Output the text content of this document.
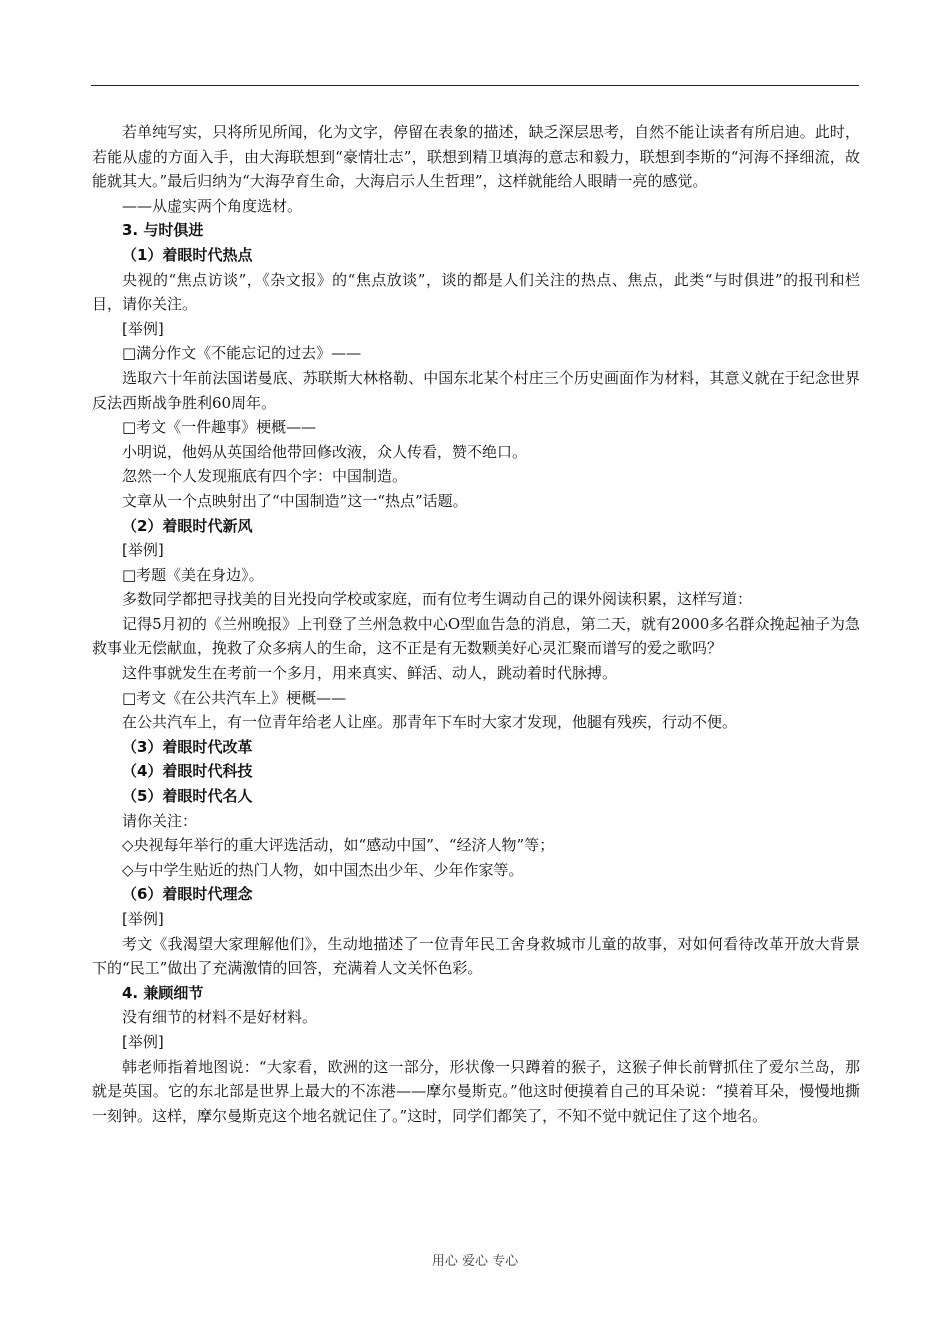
若单纯写实，只将所见所闻，化为文字，停留在表象的描述，缺乏深层思考，自然不能让读者有所启迪。此时，若能从虚的方面入手，由大海联想到“豪情壮志”，联想到精卫填海的意志和毅力，联想到李斯的“河海不择细流，故能就其大。”最后归纳为“大海孕育生命，大海启示人生哲理”，这样就能给人眼睛一亮的感觉。

——从虚实两个角度选材。

3. 与时俱进

（1）着眼时代热点

央视的“焦点访谈”，《杂文报》的“焦点放谈”，谈的都是人们关注的热点、焦点，此类“与时俱进”的报刊和栏目，请你关注。

[举例]

□满分作文《不能忘记的过去》——

选取六十年前法国诺曼底、苏联斯大林格勒、中国东北某个村庄三个历史画面作为材料，其意义就在于纪念世界反法西斯战争胜利60周年。

□考文《一件趣事》梗概——

小明说，他妈从英国给他带回修改液，众人传看，赞不绝口。

忽然一个人发现瓶底有四个字：中国制造。

文章从一个点映射出了“中国制造”这一“热点”话题。

（2）着眼时代新风

[举例]

□考题《美在身边》。

多数同学都把寻找美的目光投向学校或家庭，而有位考生调动自己的课外阅读积累，这样写道：

记得5月初的《兰州晚报》上刊登了兰州急救中心O型血告急的消息，第二天，就有2000多名群众挽起袖子为急救事业无偿献血，挽救了众多病人的生命，这不正是有无数颗美好心灵汇聚而谱写的爱之歌吗？

这件事就发生在考前一个多月，用来真实、鲜活、动人，跳动着时代脉搏。

□考文《在公共汽车上》梗概——

在公共汽车上，有一位青年给老人让座。那青年下车时大家才发现，他腿有残疾，行动不便。

（3）着眼时代改革

（4）着眼时代科技

（5）着眼时代名人

请你关注：

◇央视每年举行的重大评选活动，如“感动中国”、“经济人物”等；

◇与中学生贴近的热门人物，如中国杰出少年、少年作家等。

（6）着眼时代理念

[举例]

考文《我渴望大家理解他们》，生动地描述了一位青年民工舍身救城市儿童的故事，对如何看待改革开放大背景下的“民工”做出了充满激情的回答，充满着人文关怀色彩。

4. 兼顾细节

没有细节的材料不是好材料。

[举例]

韩老师指着地图说：“大家看，欧洲的这一部分，形状像一只蹲着的猴子，这猴子伸长前臂抓住了爱尔兰岛，那就是英国。它的东北部是世界上最大的不冻港——摩尔曼斯克。”他这时便摸着自己的耳朵说：“摸着耳朵，慢慢地撕一刻钟。这样，摩尔曼斯克这个地名就记住了。”这时，同学们都笑了，不知不觉中就记住了这个地名。

用心 爱心 专心
